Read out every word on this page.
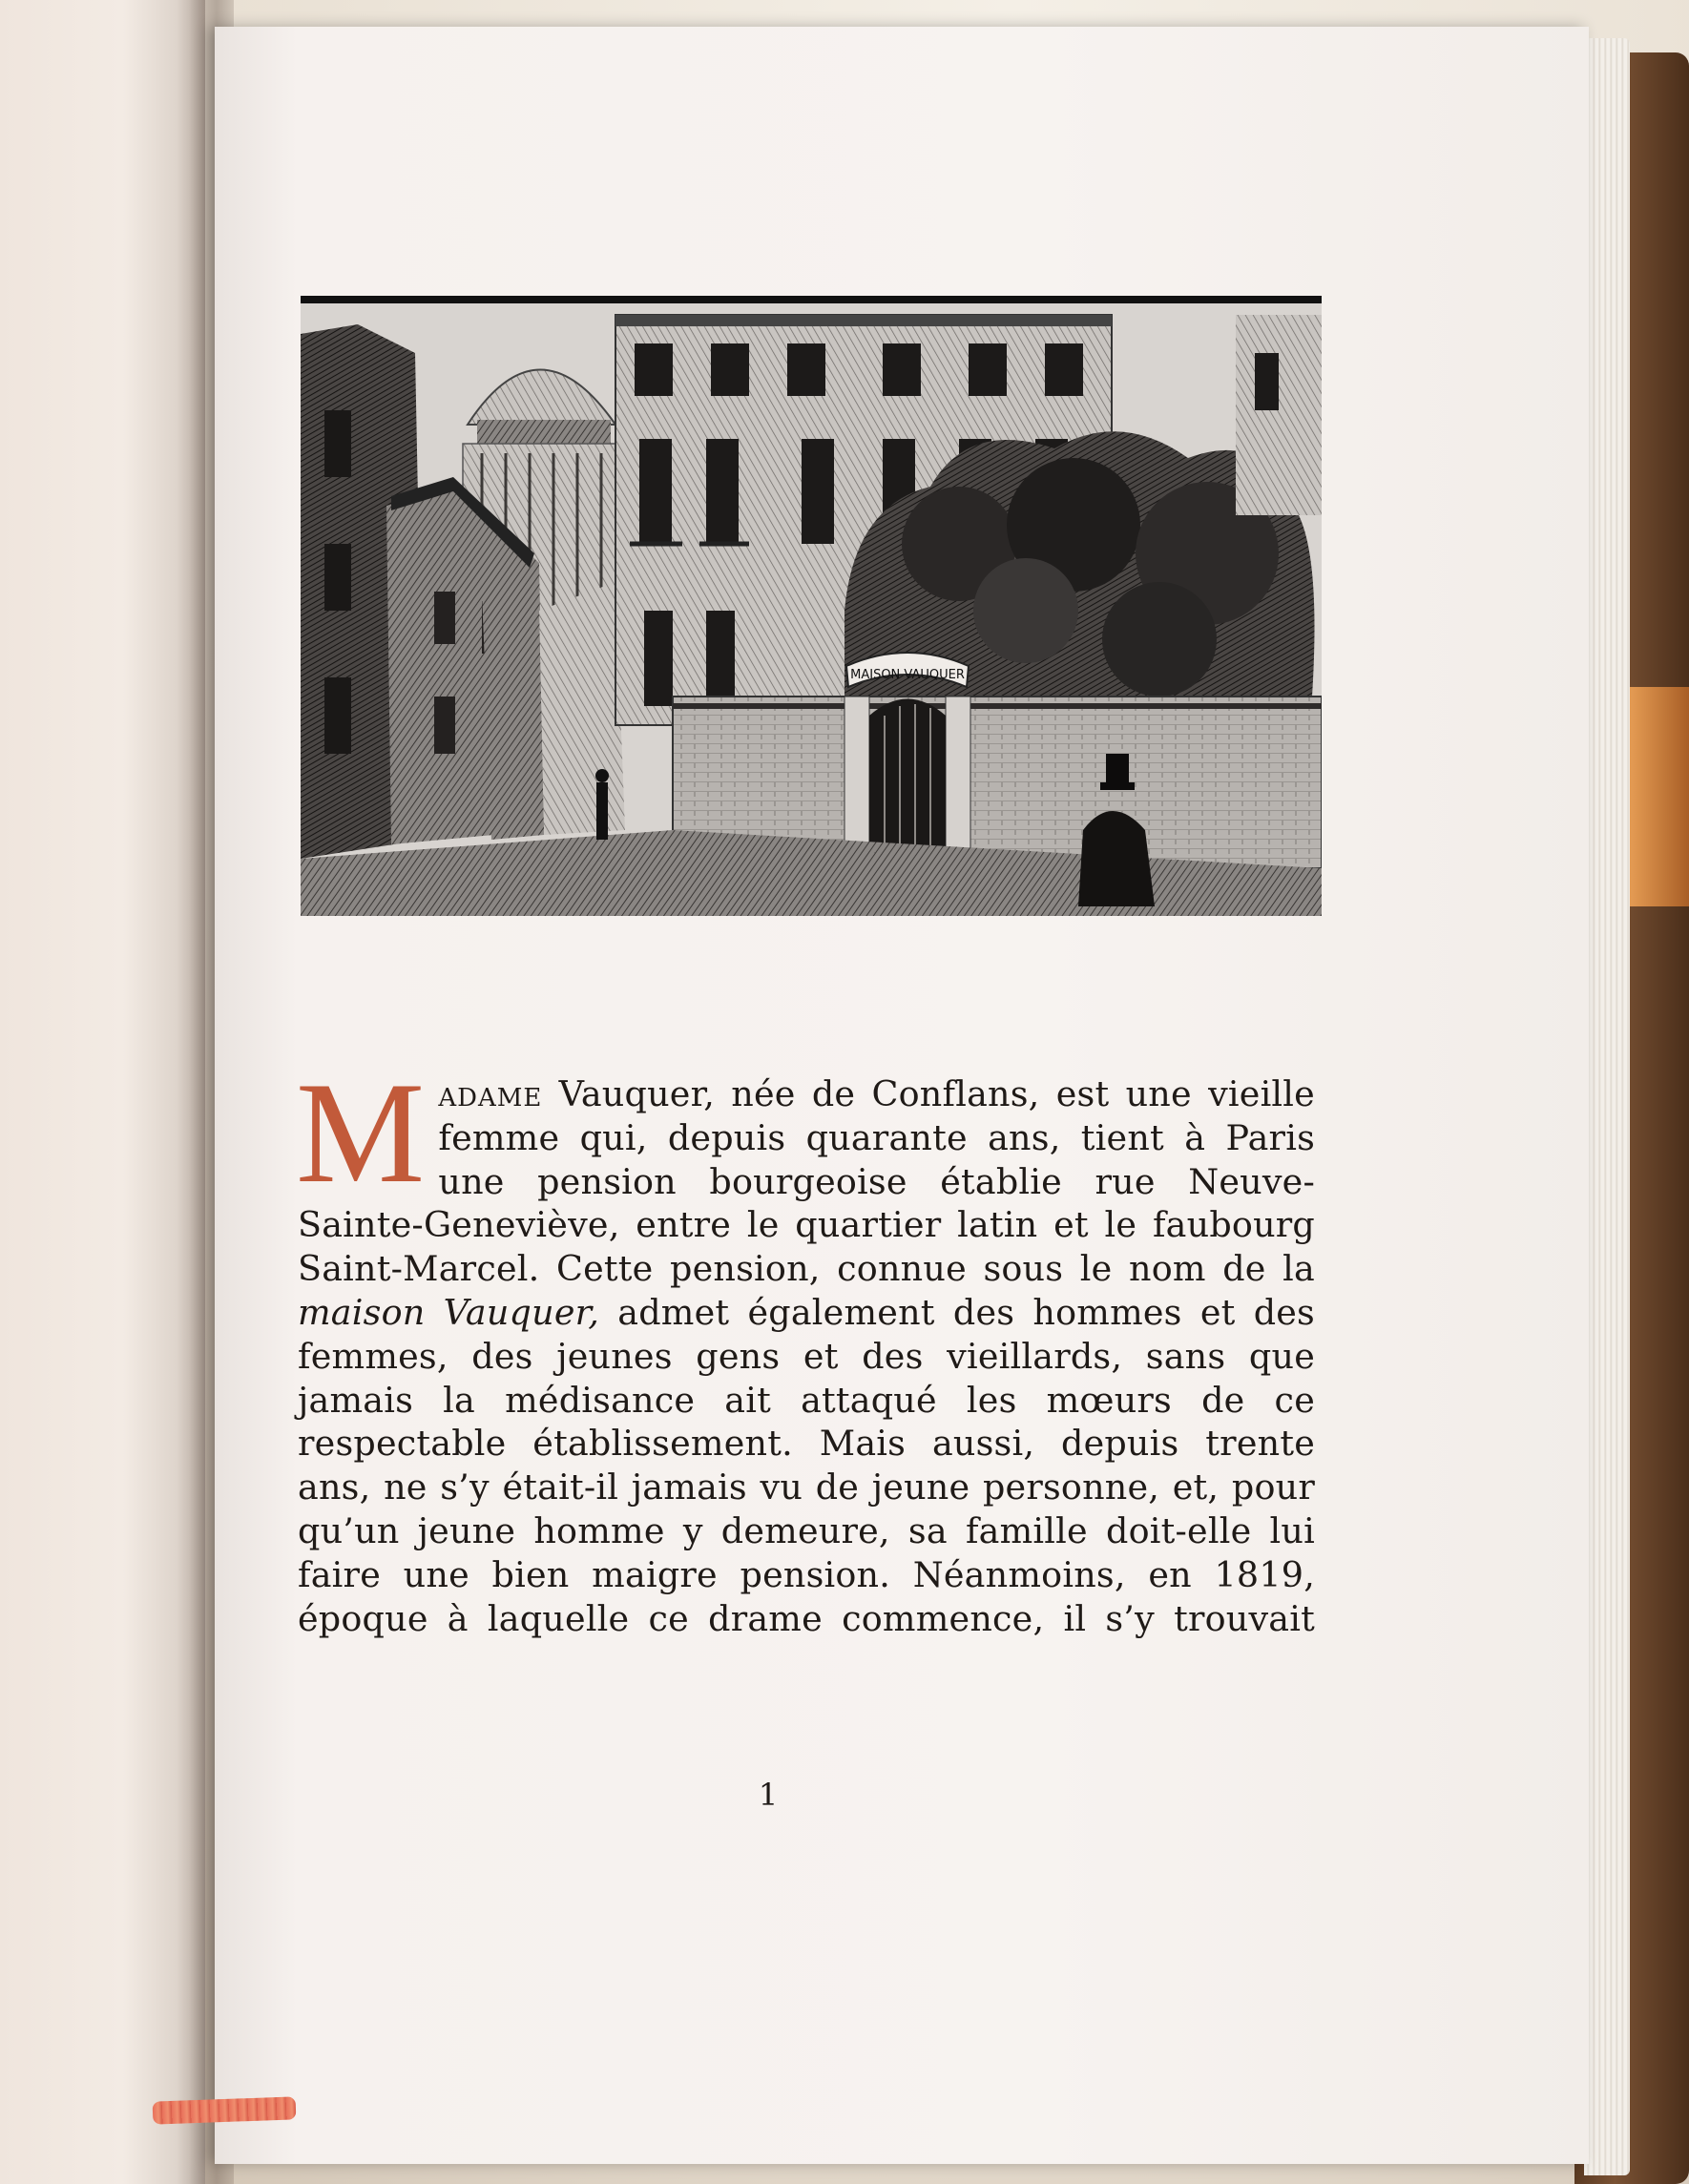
MAISON VAUQUER

Madame Vauquer, née de Conflans, est une vieille femme qui, depuis quarante ans, tient à Paris une pension bourgeoise établie rue Neuve-Sainte-Geneviève, entre le quartier latin et le faubourg Saint-Marcel. Cette pension, connue sous le nom de la maison Vauquer, admet également des hommes et des femmes, des jeunes gens et des vieillards, sans que jamais la médisance ait attaqué les mœurs de ce respectable établissement. Mais aussi, depuis trente ans, ne s’y était-il jamais vu de jeune personne, et, pour qu’un jeune homme y demeure, sa famille doit-elle lui faire une bien maigre pension. Néanmoins, en 1819, époque à laquelle ce drame commence, il s’y trouvait

1
